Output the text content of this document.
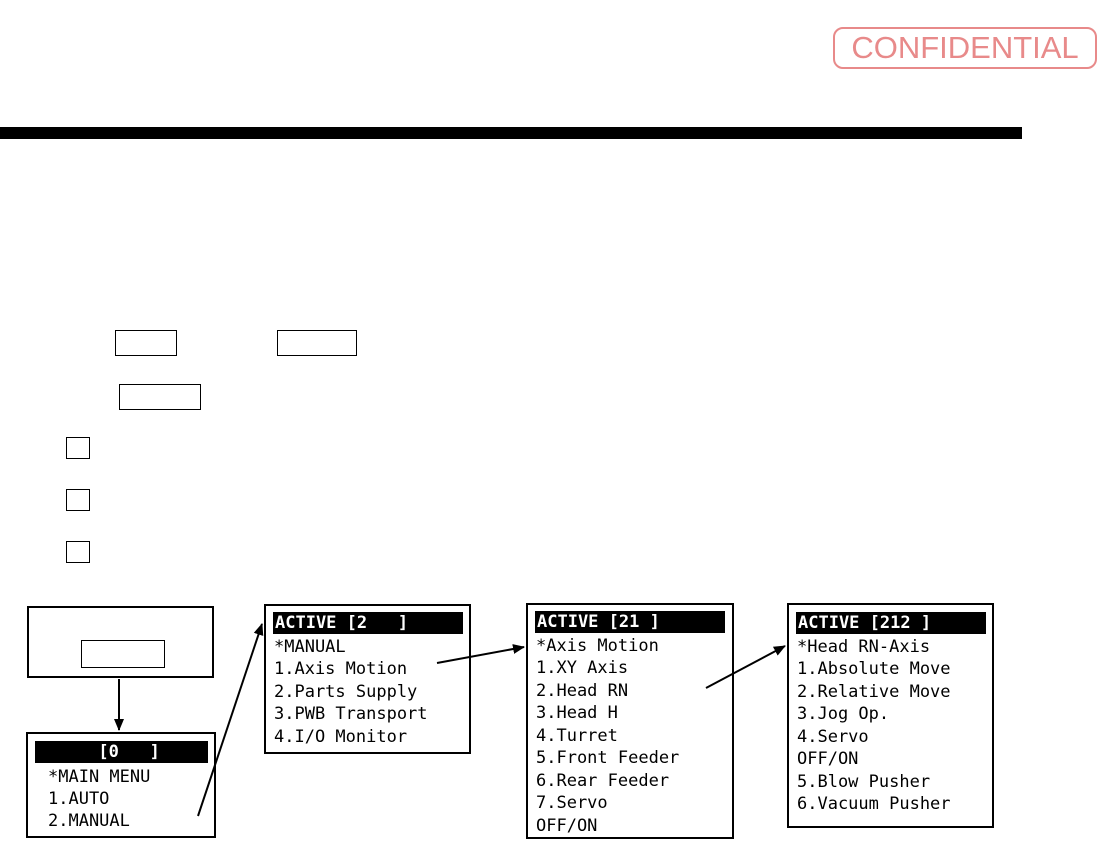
CONFIDENTIAL
[0   ]
*MAIN MENU
1.AUTO
2.MANUAL
ACTIVE [2   ]
*MANUAL
1.Axis Motion
2.Parts Supply
3.PWB Transport
4.I/O Monitor
ACTIVE [21 ]
*Axis Motion
1.XY Axis
2.Head RN
3.Head H
4.Turret
5.Front Feeder
6.Rear Feeder
7.Servo
OFF/ON
ACTIVE [212 ]
*Head RN-Axis
1.Absolute Move
2.Relative Move
3.Jog Op.
4.Servo
OFF/ON
5.Blow Pusher
6.Vacuum Pusher
